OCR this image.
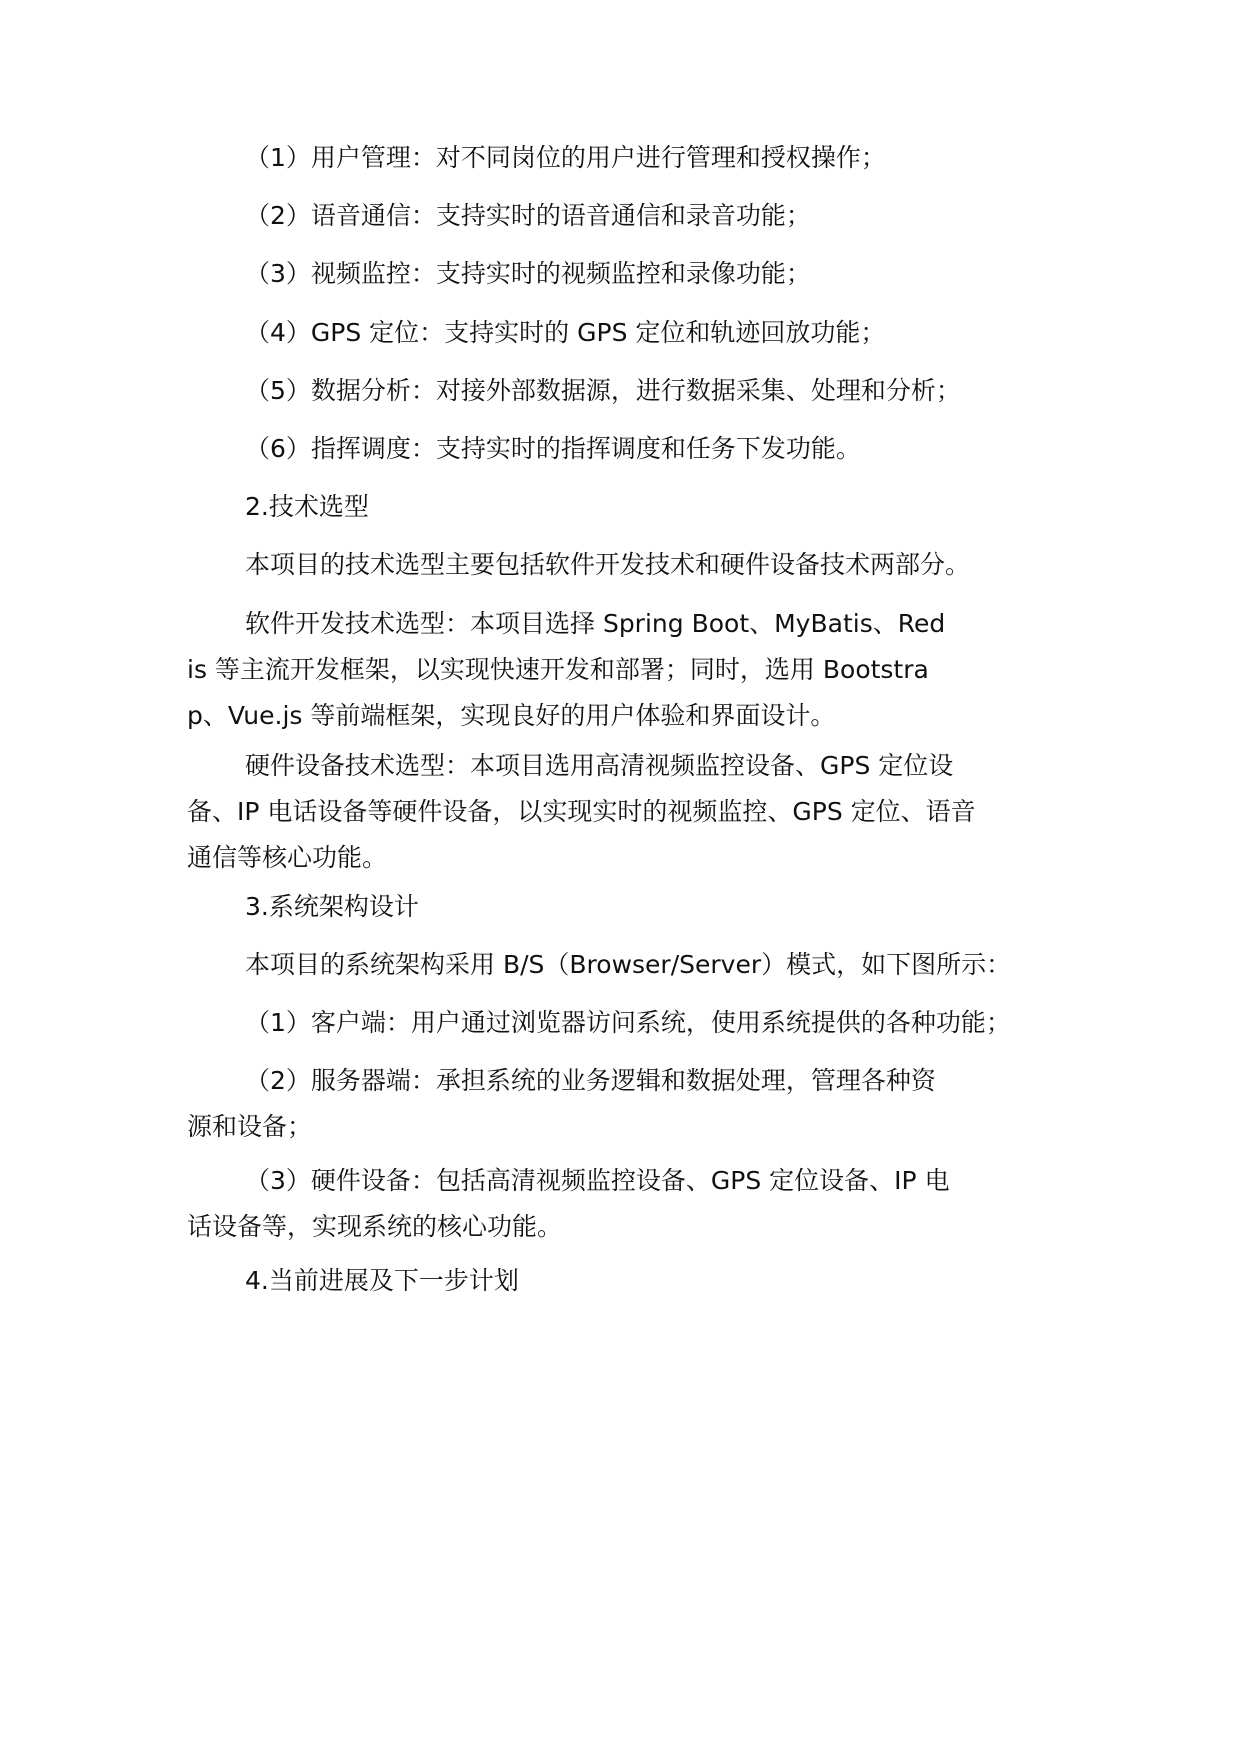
（1）用户管理：对不同岗位的用户进行管理和授权操作；

（2）语音通信：支持实时的语音通信和录音功能；

（3）视频监控：支持实时的视频监控和录像功能；

（4）GPS 定位：支持实时的 GPS 定位和轨迹回放功能；

（5）数据分析：对接外部数据源，进行数据采集、处理和分析；

（6）指挥调度：支持实时的指挥调度和任务下发功能。

2.技术选型

本项目的技术选型主要包括软件开发技术和硬件设备技术两部分。

软件开发技术选型：本项目选择 Spring Boot、MyBatis、Redis 等主流开发框架，以实现快速开发和部署；同时，选用 Bootstrap、Vue.js 等前端框架，实现良好的用户体验和界面设计。

硬件设备技术选型：本项目选用高清视频监控设备、GPS 定位设备、IP 电话设备等硬件设备，以实现实时的视频监控、GPS 定位、语音通信等核心功能。

3.系统架构设计

本项目的系统架构采用 B/S（Browser/Server）模式，如下图所示：

（1）客户端：用户通过浏览器访问系统，使用系统提供的各种功能；

（2）服务器端：承担系统的业务逻辑和数据处理，管理各种资源和设备；

（3）硬件设备：包括高清视频监控设备、GPS 定位设备、IP 电话设备等，实现系统的核心功能。

4.当前进展及下一步计划
